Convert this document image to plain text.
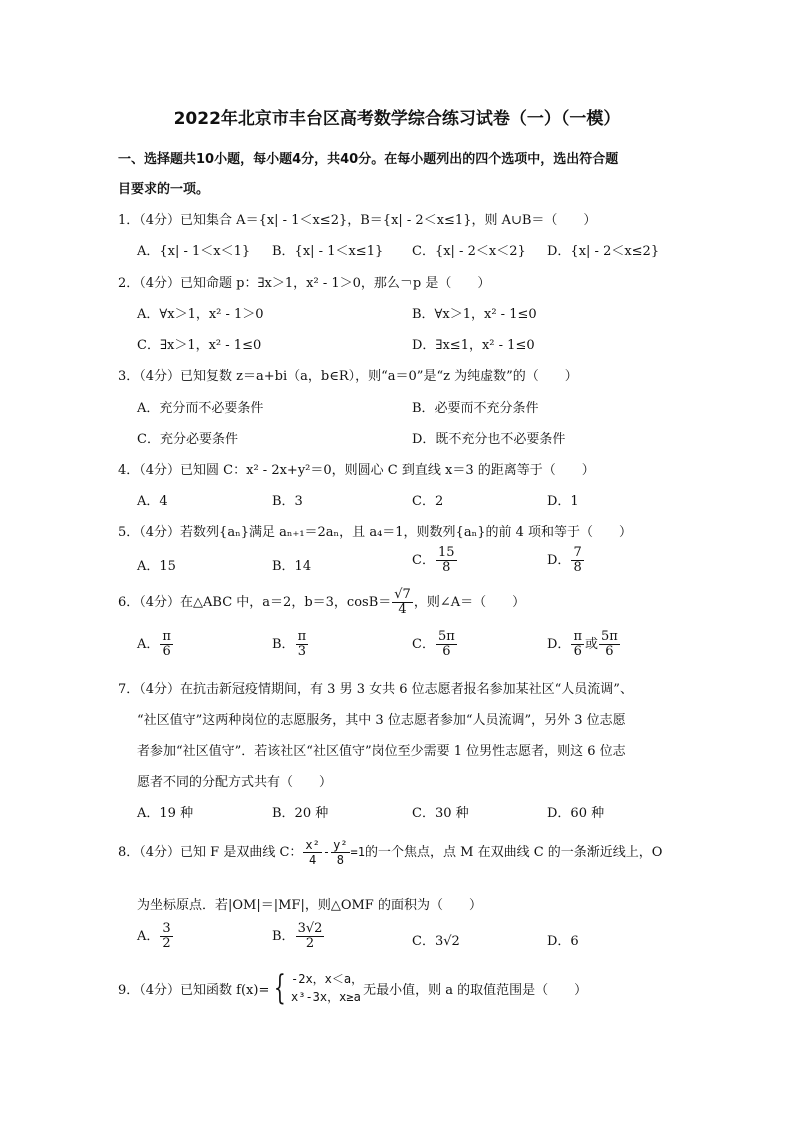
2022年北京市丰台区高考数学综合练习试卷（一）（一模）
一、选择题共10小题，每小题4分，共40分。在每小题列出的四个选项中，选出符合题
目要求的一项。
1．（4分）已知集合 A＝{x| - 1＜x≤2}，B＝{x| - 2＜x≤1}，则 A∪B＝（　　）
A．{x| - 1＜x＜1} B．{x| - 1＜x≤1} C．{x| - 2＜x＜2} D．{x| - 2＜x≤2}
2．（4分）已知命题 p：∃x＞1，x² - 1＞0，那么￢p 是（　　）
A．∀x＞1，x² - 1＞0	B．∀x＞1，x² - 1≤0
C．∃x＞1，x² - 1≤0	D．∃x≤1，x² - 1≤0
3．（4分）已知复数 z＝a+bi（a，b∈R），则“a＝0”是“z 为纯虚数”的（　　）
A．充分而不必要条件	B．必要而不充分条件
C．充分必要条件	D．既不充分也不必要条件
4．（4分）已知圆 C：x² - 2x+y²＝0，则圆心 C 到直线 x＝3 的距离等于（　　）
A．4	B．3	C．2	D．1
5．（4分）若数列{aₙ}满足 aₙ₊₁＝2aₙ，且 a₄＝1，则数列{aₙ}的前 4 项和等于（　　）
A．15	B．14	C． $\frac{15}{8}$	D． $\frac{7}{8}$
6．（4分）在△ABC 中，a＝2，b＝3，$\cos B= \frac{√7}{4}$ ，则∠A＝（　　）
A． $\frac{\pi}{6}$	B． $\frac{\pi}{3}$	C． $\frac{5\pi}{6}$	D． $\frac{\pi}{6}$ 或 $\frac{5\pi}{6}$
7．（4分）在抗击新冠疫情期间，有 3 男 3 女共 6 位志愿者报名参加某社区“人员流调”、
“社区值守”这两种岗位的志愿服务，其中 3 位志愿者参加“人员流调”，另外 3 位志愿
者参加“社区值守”．若该社区“社区值守”岗位至少需要 1 位男性志愿者，则这 6 位志
愿者不同的分配方式共有（　　）
A．19 种	B．20 种	C．30 种	D．60 种
8．（4分）已知 F 是双曲线 C： $\frac{\text{x²}}{4} - \frac{\text{y²}}{8} =1$的一个焦点，点 M 在双曲线 C 的一条渐近线上，O
为坐标原点．若|OM|＝|MF|，则△OMF 的面积为（　　）
A． $\frac{3}{2}$	B． $\frac{3√2}{2}$	C．3√2	D．6
9．（4分）已知函数 f(x)= { -2x，x＜a，
x³-3x，x≥a 无最小值，则 a 的取值范围是（　　）
